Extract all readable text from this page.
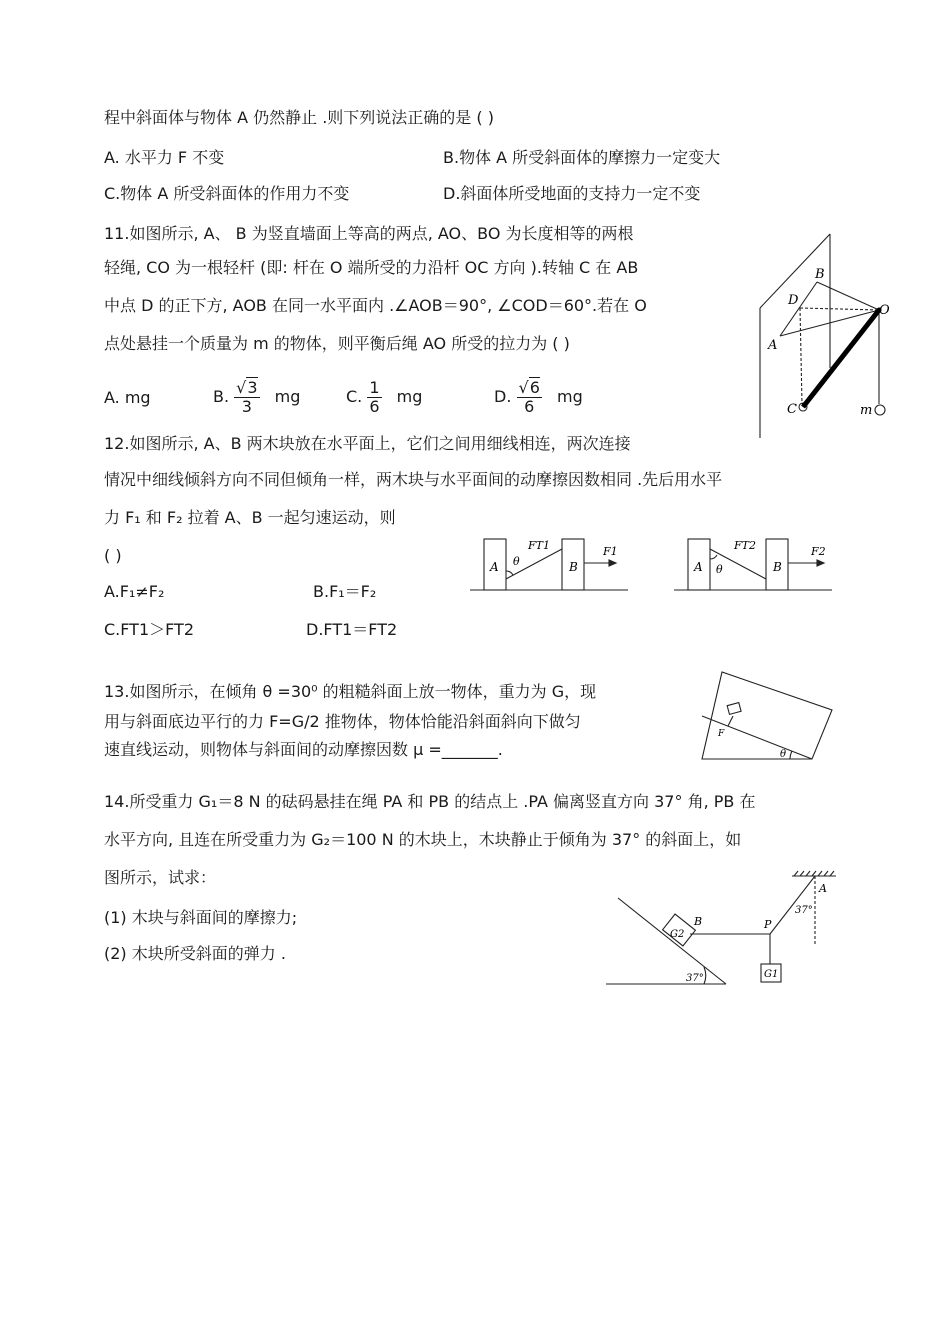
程中斜面体与物体 A 仍然静止 .则下列说法正确的是 ( )
A. 水平力 F 不变	B.物体 A 所受斜面体的摩擦力一定变大
C.物体 A 所受斜面体的作用力不变	D.斜面体所受地面的支持力一定不变
11.如图所示, A、 B 为竖直墙面上等高的两点, AO、BO 为长度相等的两根
轻绳, CO 为一根轻杆 (即: 杆在 O 端所受的力沿杆 OC 方向 ).转轴 C 在 AB
中点 D 的正下方, AOB 在同一水平面内 .∠AOB＝90°, ∠COD＝60°.若在 O
点处悬挂一个质量为 m 的物体，则平衡后绳 AO 所受的拉力为 ( )
A. mg	B. $\frac{√3}{3}$ mg	C. $\frac{1}{6}$ mg	D. $\frac{√6}{6}$ mg
B
D
O
A
C	m
12.如图所示, A、B 两木块放在水平面上，它们之间用细线相连，两次连接
情况中细线倾斜方向不同但倾角一样，两木块与水平面间的动摩擦因数相同 .先后用水平
力 F₁ 和 F₂ 拉着 A、B 一起匀速运动，则
( )
A.F₁≠F₂	B.F₁＝F₂
C.FT1＞FT2	D.FT1＝FT2
A	B
θ
FT1	F1
A	B
θ
FT2	F2
13.如图所示，在倾角 θ =30⁰ 的粗糙斜面上放一物体，重力为 G，现
用与斜面底边平行的力 F=G/2 推物体，物体恰能沿斜面斜向下做匀
速直线运动，则物体与斜面间的动摩擦因数 μ =_______.
F
θ
14.所受重力 G₁＝8 N 的砝码悬挂在绳 PA 和 PB 的结点上 .PA 偏离竖直方向 37° 角, PB 在
水平方向, 且连在所受重力为 G₂＝100 N 的木块上，木块静止于倾角为 37° 的斜面上，如
图所示，试求：
(1) 木块与斜面间的摩擦力;
(2) 木块所受斜面的弹力 .
A
37°
B	P
G2
G1
37°
